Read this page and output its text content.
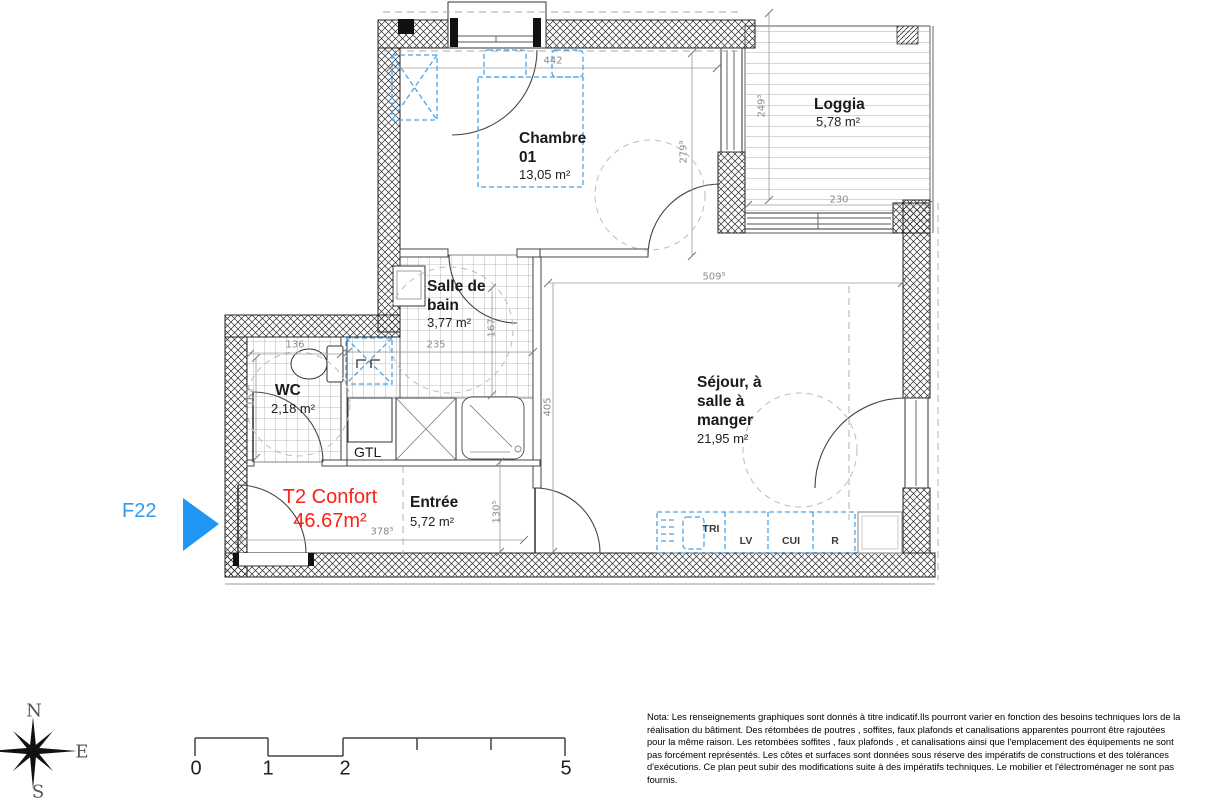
Chambre
01
13,05 m²
Loggia
5,78 m²
Salle de
bain
3,77 m²
WC
2,18 m²
GTL
Séjour, à
salle à
manger
21,95 m²
Entrée
5,72 m²	TRI
LV	CUI	R
F22
T2 Confort
46.67m²
442
279⁹
249⁵
230
509⁵
405
235
167
136
162
378⁵
130⁵
N
E
S
0	1	2	5
Nota: Les renseignements graphiques sont donnés à titre indicatif.Ils pourront varier en fonction des besoins techniques lors de la
réalisation du bâtiment. Des rétombées de poutres , soffites, faux plafonds et canalisations apparentes pourront être rajoutées
pour la même raison. Les retombées soffites , faux plafonds , et canalisations ainsi que l'emplacement des équipements ne sont
pas forcément représentés. Les côtes et surfaces sont données sous réserve des impératifs de constructions et des tolérances
d'exécutions. Ce plan peut subir des modifications suite à des impératifs techniques. Le mobilier et l'électroménager ne sont pas
fournis.
